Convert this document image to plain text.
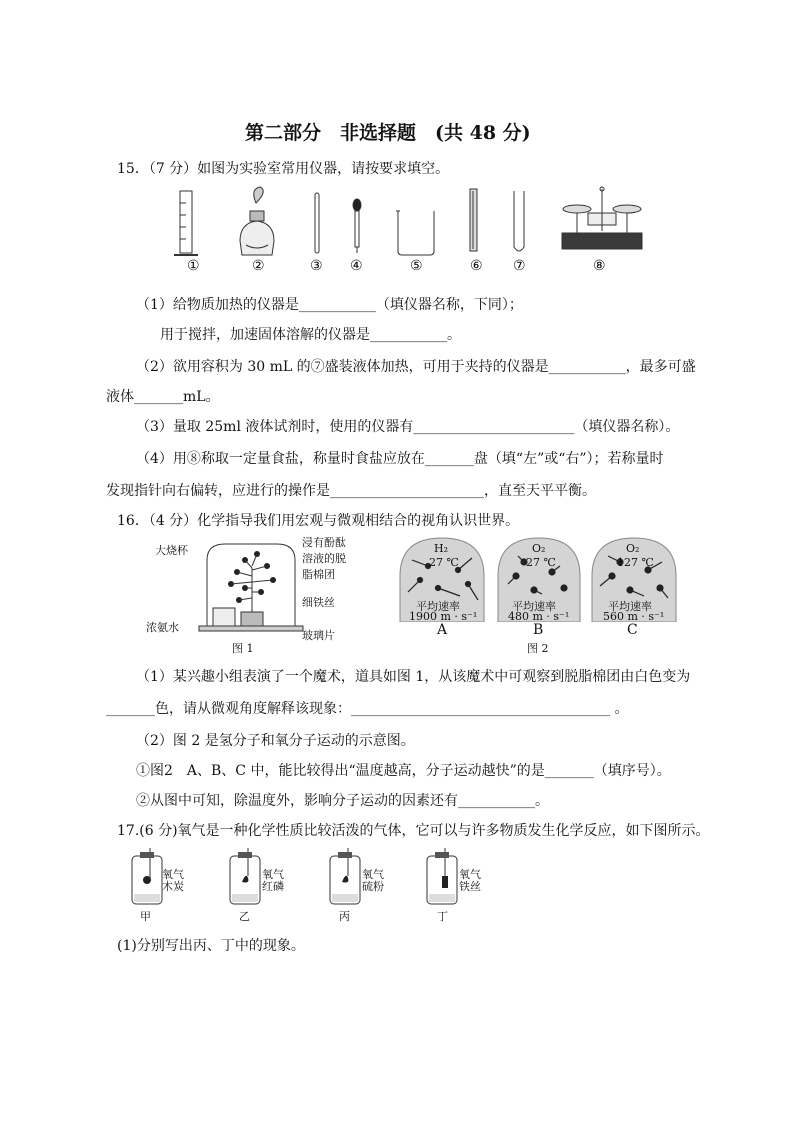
第二部分　非选择题　(共 48 分)
15．（7 分）如图为实验室常用仪器，请按要求填空。
①	②	③ ④	⑤	⑥ ⑦	⑧
（1）给物质加热的仪器是___________（填仪器名称，下同）；
用于搅拌，加速固体溶解的仪器是___________。
（2）欲用容积为 30 mL 的⑦盛装液体加热，可用于夹持的仪器是___________，最多可盛
液体_______mL。
（3）量取 25ml 液体试剂时，使用的仪器有_______________________（填仪器名称）。
（4）用⑧称取一定量食盐，称量时食盐应放在_______盘（填“左”或“右”）；若称量时
发现指针向右偏转，应进行的操作是______________________，直至天平平衡。
16．（4 分）化学指导我们用宏观与微观相结合的视角认识世界。
大烧杯
浸有酚酞
溶液的脱
脂棉团
细铁丝
浓氨水
玻璃片
图 1
H₂
27 ℃
平均速率
1900 m · s⁻¹
A
O₂
27 ℃
平均速率
480 m · s⁻¹
B
O₂
127 ℃
平均速率
560 m · s⁻¹
C
图 2
（1）某兴趣小组表演了一个魔术，道具如图 1，从该魔术中可观察到脱脂棉团由白色变为
_______色，请从微观角度解释该现象：_____________________________________ 。
（2）图 2 是氢分子和氧分子运动的示意图。
①图2　A、B、C 中，能比较得出“温度越高，分子运动越快”的是_______（填序号）。
②从图中可知，除温度外，影响分子运动的因素还有___________。
17.(6 分)氧气是一种化学性质比较活泼的气体，它可以与许多物质发生化学反应，如下图所示。
氧气
木炭
甲
氧气
红磷
乙
氧气
硫粉
丙
氧气
铁丝
丁
(1)分别写出丙、丁中的现象。
